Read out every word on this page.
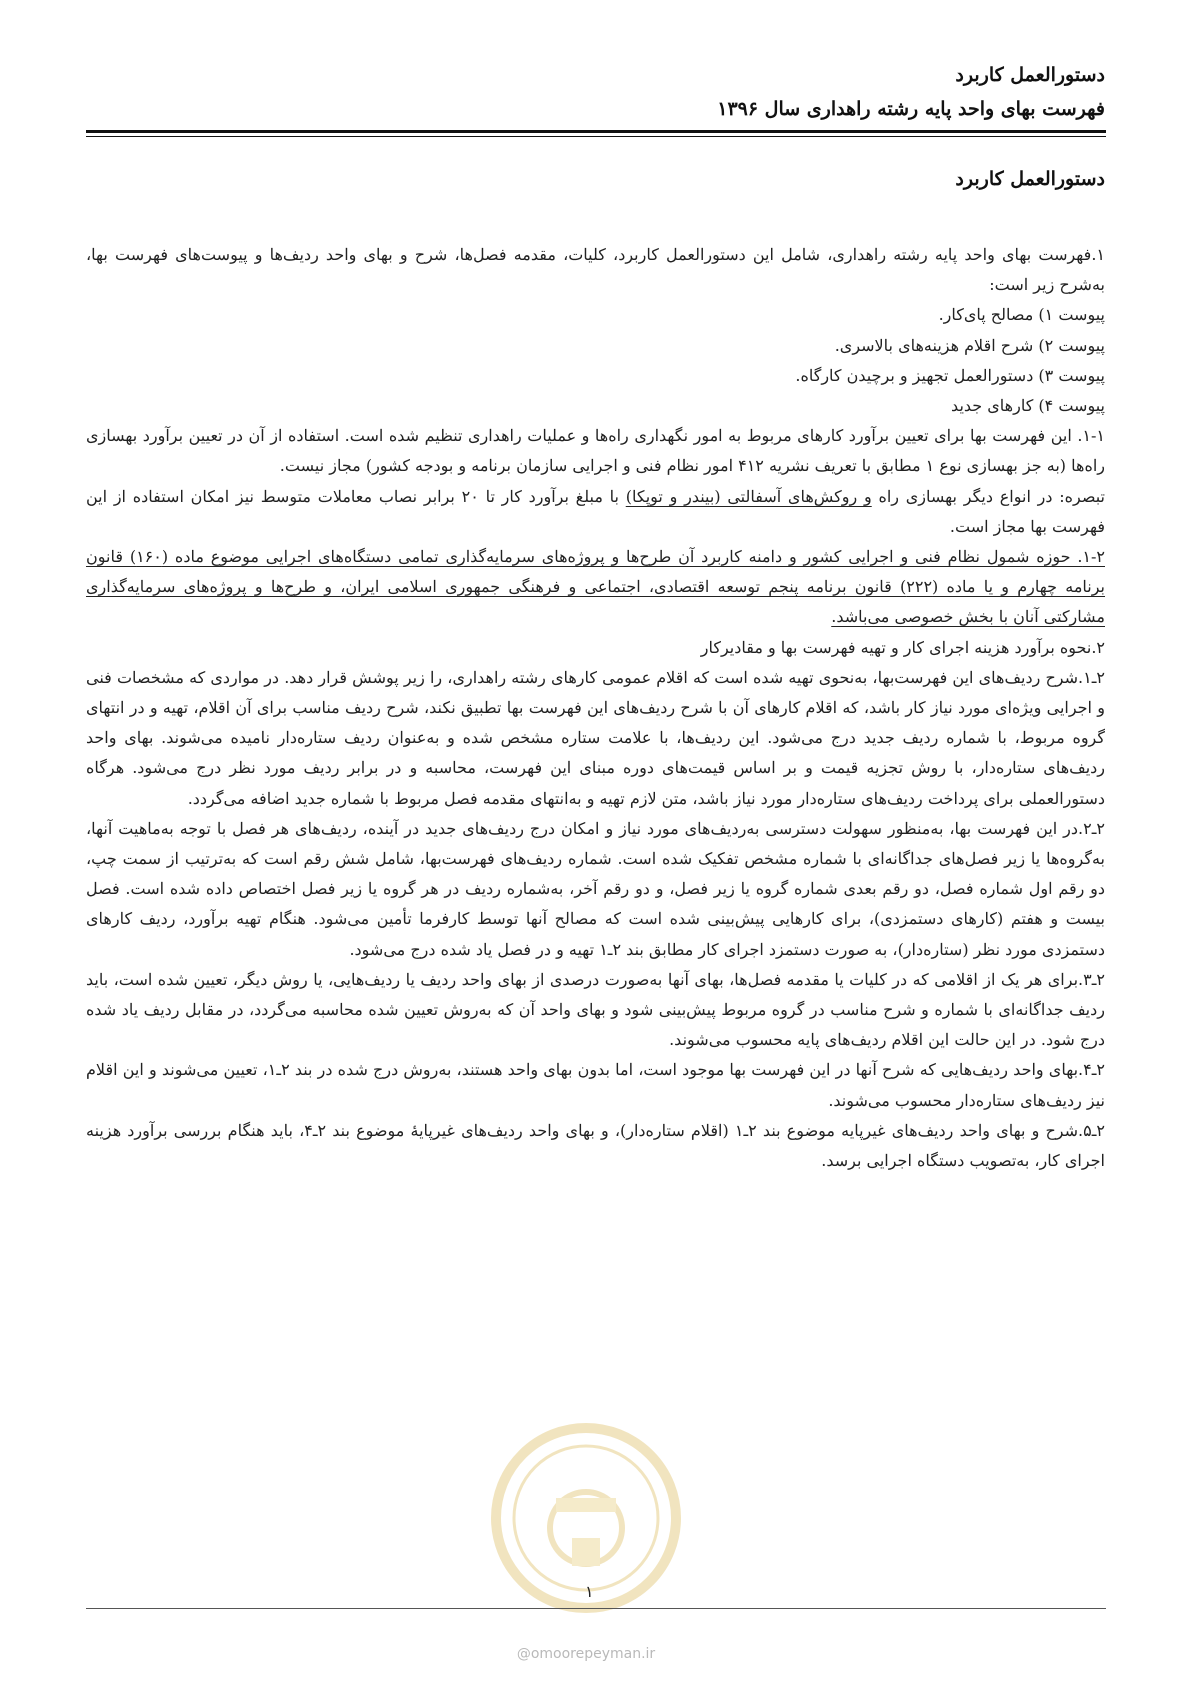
دستورالعمل کاربرد
فهرست بهای واحد پایه رشته راهداری سال ۱۳۹۶
دستورالعمل کاربرد

۱.فهرست بهای واحد پایه رشته راهداری، شامل این دستورالعمل کاربرد، کلیات، مقدمه فصل‌ها، شرح و بهای واحد ردیف‌ها و پیوست‌های فهرست بها، به‌شرح زیر است:

پیوست ۱) مصالح پای‌کار.

پیوست ۲) شرح اقلام هزینه‌های بالاسری.

پیوست ۳) دستورالعمل تجهیز و برچیدن کارگاه.

پیوست ۴) کارهای جدید

۱-۱. این فهرست بها برای تعیین برآورد کارهای مربوط به امور نگهداری راه‌ها و عملیات راهداری تنظیم شده است. استفاده از آن در تعیین برآورد بهسازی راه‌ها (به جز بهسازی نوع ۱ مطابق با تعریف نشریه ۴۱۲ امور نظام فنی و اجرایی سازمان برنامه و بودجه کشور) مجاز نیست.

تبصره: در انواع دیگر بهسازی راه و روکش‌های آسفالتی (بیندر و توپکا) با مبلغ برآورد کار تا ۲۰ برابر نصاب معاملات متوسط نیز امکان استفاده از این فهرست بها مجاز است.

۱-۲. حوزه شمول نظام فنی و اجرایی کشور و دامنه کاربرد آن طرح‌ها و پروژه‌های سرمایه‌گذاری تمامی دستگاه‌های اجرایی موضوع ماده (۱۶۰) قانون برنامه چهارم و یا ماده (۲۲۲) قانون برنامه پنجم توسعه اقتصادی، اجتماعی و فرهنگی جمهوری اسلامی ایران، و طرح‌ها و پروژه‌های سرمایه‌گذاری مشارکتی آنان با بخش خصوصی می‌باشد.

۲.نحوه برآورد هزینه اجرای کار و تهیه فهرست بها و مقادیرکار

۲ـ۱.شرح ردیف‌های این فهرست‌بها، به‌نحوی تهیه شده است که اقلام عمومی کارهای رشته راهداری، را زیر پوشش قرار دهد. در مواردی که مشخصات فنی و اجرایی ویژه‌ای مورد نیاز کار باشد، که اقلام کارهای آن با شرح ردیف‌های این فهرست بها تطبیق نکند، شرح ردیف مناسب برای آن اقلام، تهیه و در انتهای گروه مربوط، با شماره ردیف جدید درج می‌شود. این ردیف‌ها، با علامت ستاره مشخص شده و به‌عنوان ردیف ستاره‌دار نامیده می‌شوند. بهای واحد ردیف‌های ستاره‌دار، با روش تجزیه قیمت و بر اساس قیمت‌های دوره مبنای این فهرست، محاسبه و در برابر ردیف مورد نظر درج می‌شود. هرگاه دستورالعملی برای پرداخت ردیف‌های ستاره‌دار مورد نیاز باشد، متن لازم تهیه و به‌انتهای مقدمه فصل مربوط با شماره جدید اضافه می‌گردد.

۲ـ۲.در این فهرست بها، به‌منظور سهولت دسترسی به‌ردیف‌های مورد نیاز و امکان درج ردیف‌های جدید در آینده، ردیف‌های هر فصل با توجه به‌ماهیت آنها، به‌گروه‌ها یا زیر فصل‌های جداگانه‌ای با شماره مشخص تفکیک شده است. شماره ردیف‌های فهرست‌بها، شامل شش رقم است که به‌ترتیب از سمت چپ، دو رقم اول شماره فصل، دو رقم بعدی شماره گروه یا زیر فصل، و دو رقم آخر، به‌شماره ردیف در هر گروه یا زیر فصل اختصاص داده شده است. فصل بیست و هفتم (کارهای دستمزدی)، برای کارهایی پیش‌بینی شده است که مصالح آنها توسط کارفرما تأمین می‌شود. هنگام تهیه برآورد، ردیف کارهای دستمزدی مورد نظر (ستاره‌دار)، به صورت دستمزد اجرای کار مطابق بند ۲ـ۱ تهیه و در فصل یاد شده درج می‌شود.

۲ـ۳.برای هر یک از اقلامی که در کلیات یا مقدمه فصل‌ها، بهای آنها به‌صورت درصدی از بهای واحد ردیف یا ردیف‌هایی، یا روش دیگر، تعیین شده است، باید ردیف جداگانه‌ای با شماره و شرح مناسب در گروه مربوط پیش‌بینی شود و بهای واحد آن که به‌روش تعیین شده محاسبه می‌گردد، در مقابل ردیف یاد شده درج شود. در این حالت این اقلام ردیف‌های پایه محسوب می‌شوند.

۲ـ۴.بهای واحد ردیف‌هایی که شرح آنها در این فهرست بها موجود است، اما بدون بهای واحد هستند، به‌روش درج شده در بند ۲ـ۱، تعیین می‌شوند و این اقلام نیز ردیف‌های ستاره‌دار محسوب می‌شوند.

۲ـ۵.شرح و بهای واحد ردیف‌های غیرپایه موضوع بند ۲ـ۱ (اقلام ستاره‌دار)، و بهای واحد ردیف‌های غیرپایهٔ موضوع بند ۲ـ۴، باید هنگام بررسی برآورد هزینه اجرای کار، به‌تصویب دستگاه اجرایی برسد.

۱
@omoorepeyman.ir
